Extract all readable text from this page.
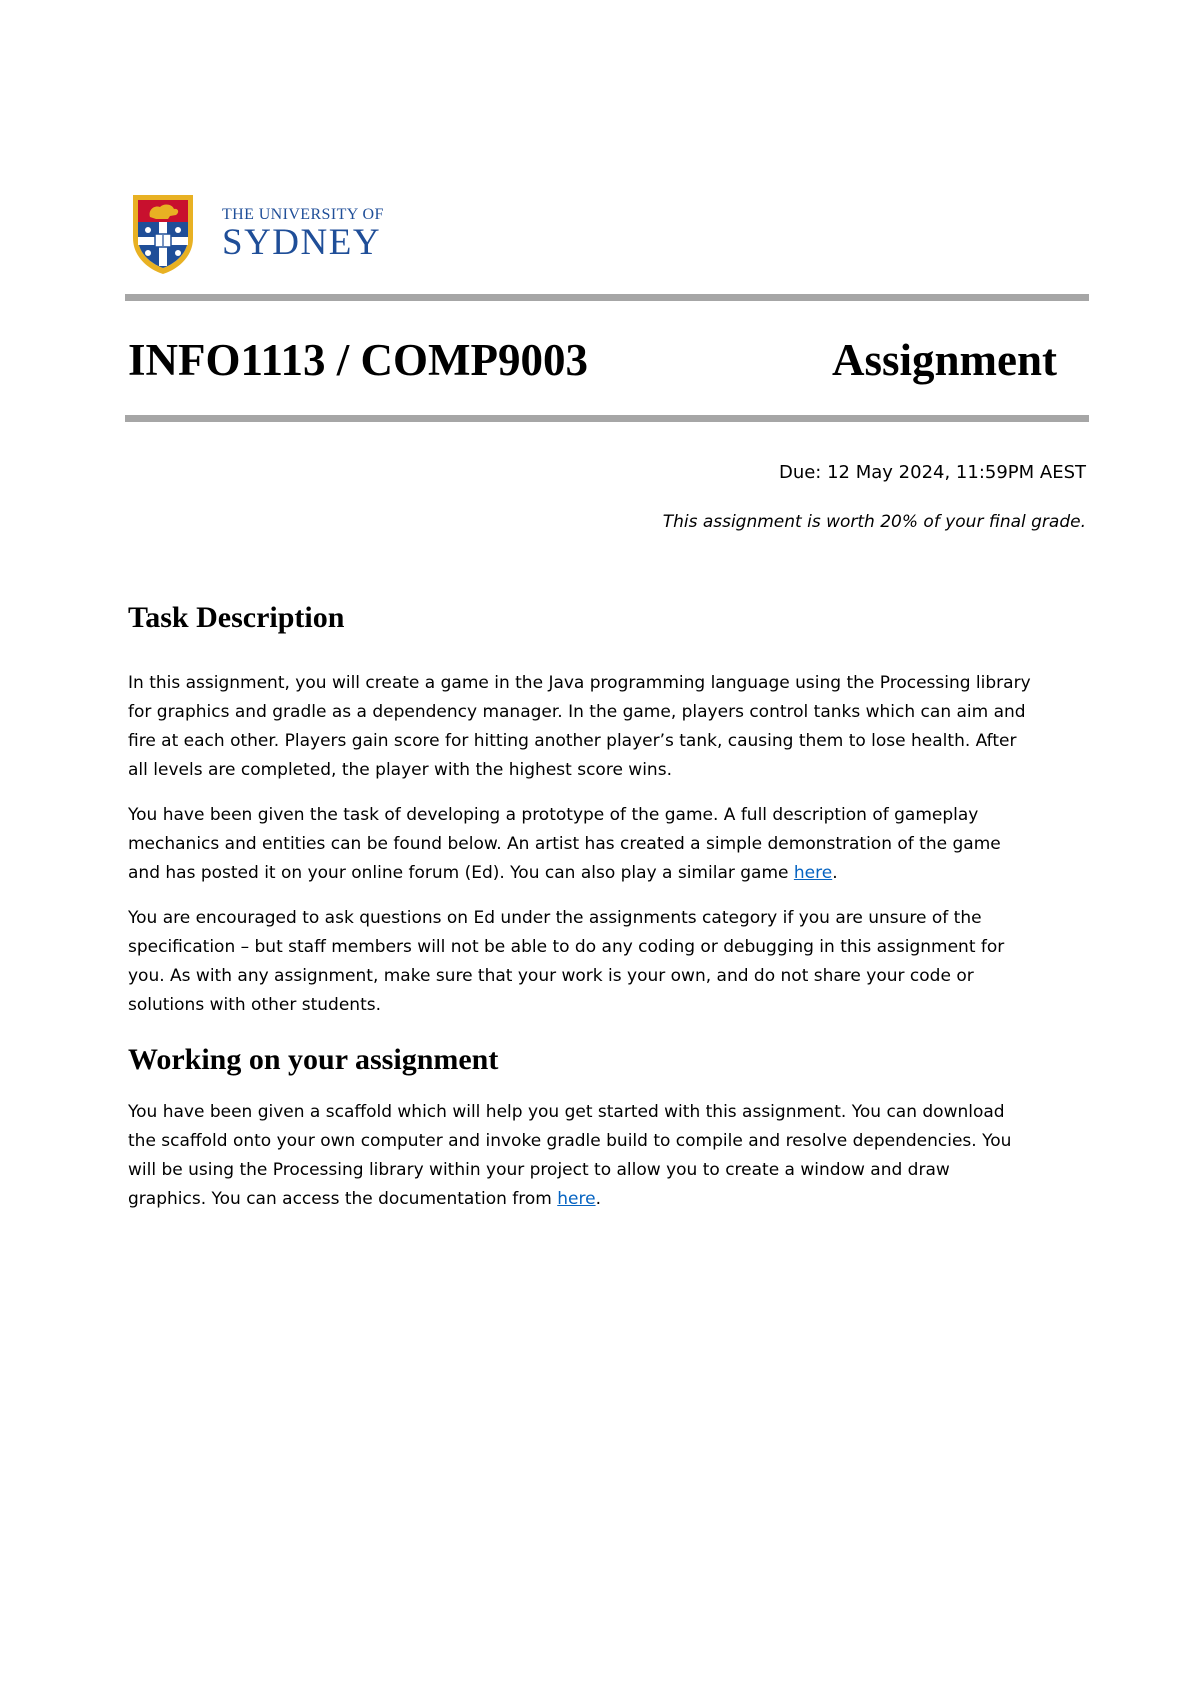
THE UNIVERSITY OF
SYDNEY
INFO1113 / COMP9003	Assignment
Due: 12 May 2024, 11:59PM AEST
This assignment is worth 20% of your final grade.
Task Description
In this assignment, you will create a game in the Java programming language using the Processing library
for graphics and gradle as a dependency manager. In the game, players control tanks which can aim and
fire at each other. Players gain score for hitting another player’s tank, causing them to lose health. After
all levels are completed, the player with the highest score wins.
You have been given the task of developing a prototype of the game. A full description of gameplay
mechanics and entities can be found below. An artist has created a simple demonstration of the game
and has posted it on your online forum (Ed). You can also play a similar game here.
You are encouraged to ask questions on Ed under the assignments category if you are unsure of the
specification – but staff members will not be able to do any coding or debugging in this assignment for
you. As with any assignment, make sure that your work is your own, and do not share your code or
solutions with other students.
Working on your assignment
You have been given a scaffold which will help you get started with this assignment. You can download
the scaffold onto your own computer and invoke gradle build to compile and resolve dependencies. You
will be using the Processing library within your project to allow you to create a window and draw
graphics. You can access the documentation from here.
